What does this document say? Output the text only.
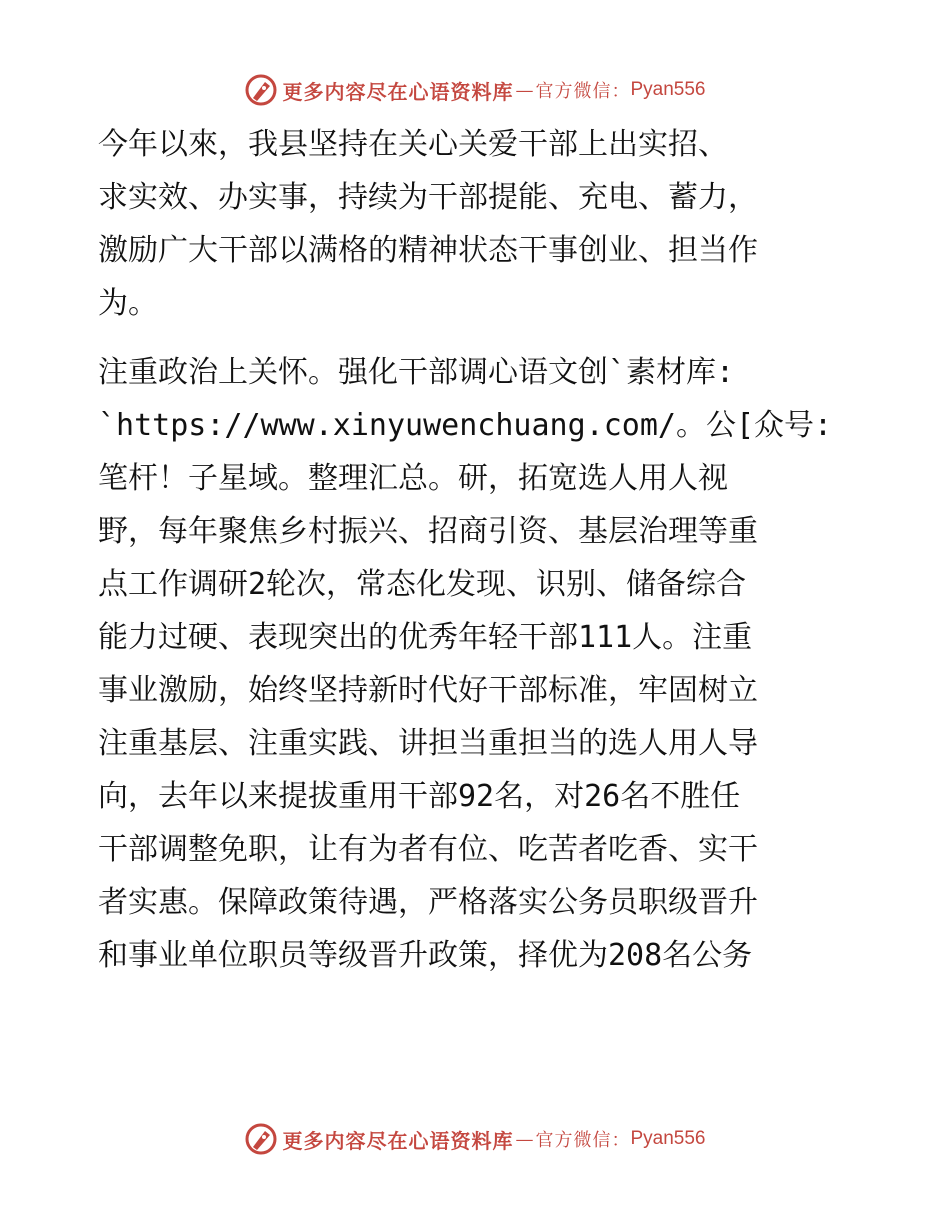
更多内容尽在心语资料库 — 官方微信： Pyan556

今年以來，我县坚持在关心关爱干部上出实招、
求实效、办实事，持续为干部提能、充电、蓄力，
激励广大干部以满格的精神状态干事创业、担当作
为。

注重政治上关怀。强化干部调心语文创`素材库:
`https://www.xinyuwenchuang.com/。公[众号:
笔杆！子星域。整理汇总。研，拓宽选人用人视
野，每年聚焦乡村振兴、招商引资、基层治理等重
点工作调研2轮次，常态化发现、识别、储备综合
能力过硬、表现突出的优秀年轻干部111人。注重
事业激励，始终坚持新时代好干部标准，牢固树立
注重基层、注重实践、讲担当重担当的选人用人导
向，去年以来提拔重用干部92名，对26名不胜任
干部调整免职，让有为者有位、吃苦者吃香、实干
者实惠。保障政策待遇，严格落实公务员职级晋升
和事业单位职员等级晋升政策，择优为208名公务

更多内容尽在心语资料库 — 官方微信： Pyan556
